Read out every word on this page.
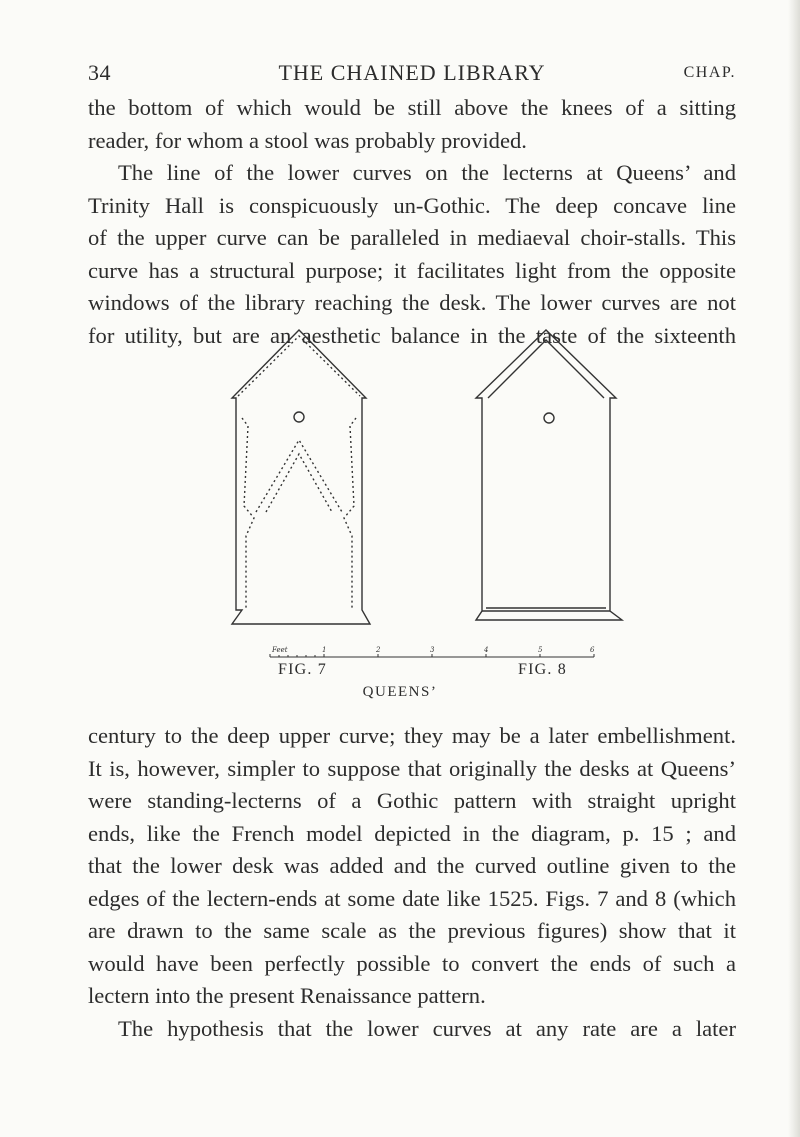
34	THE CHAINED LIBRARY	CHAP.
the bottom of which would be still above the knees of a sitting
reader, for whom a stool was probably provided.
The line of the lower curves on the lecterns at Queens’ and
Trinity Hall is conspicuously un-Gothic. The deep concave line
of the upper curve can be paralleled in mediaeval choir-stalls. This
curve has a structural purpose; it facilitates light from the opposite
windows of the library reaching the desk. The lower curves are not
for utility, but are an aesthetic balance in the taste of the sixteenth
Feet	1	2	3	4	5	6
FIG. 7	FIG. 8
QUEENS’
century to the deep upper curve; they may be a later embellishment.
It is, however, simpler to suppose that originally the desks at Queens’
were standing-lecterns of a Gothic pattern with straight upright
ends, like the French model depicted in the diagram, p. 15 ; and
that the lower desk was added and the curved outline given to the
edges of the lectern-ends at some date like 1525. Figs. 7 and 8 (which
are drawn to the same scale as the previous figures) show that it
would have been perfectly possible to convert the ends of such a
lectern into the present Renaissance pattern.
The hypothesis that the lower curves at any rate are a later
